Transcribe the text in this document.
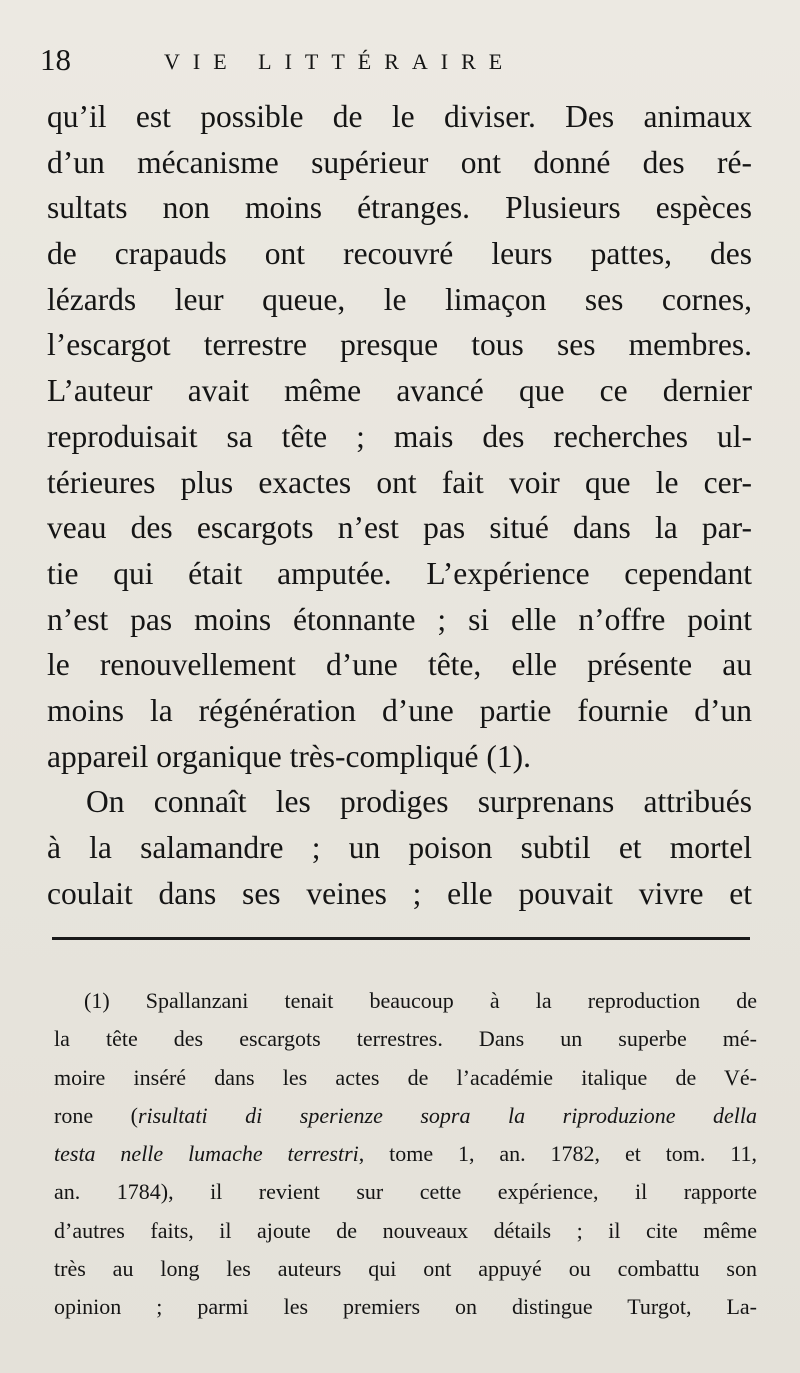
18	VIE LITTÉRAIRE
qu’il est possible de le diviser. Des animaux
d’un mécanisme supérieur ont donné des ré-
sultats non moins étranges. Plusieurs espèces
de crapauds ont recouvré leurs pattes, des
lézards leur queue, le limaçon ses cornes,
l’escargot terrestre presque tous ses membres.
L’auteur avait même avancé que ce dernier
reproduisait sa tête ; mais des recherches ul-
térieures plus exactes ont fait voir que le cer-
veau des escargots n’est pas situé dans la par-
tie qui était amputée. L’expérience cependant
n’est pas moins étonnante ; si elle n’offre point
le renouvellement d’une tête, elle présente au
moins la régénération d’une partie fournie d’un
appareil organique très-compliqué (1).
On connaît les prodiges surprenans attribués
à la salamandre ; un poison subtil et mortel
coulait dans ses veines ; elle pouvait vivre et
(1) Spallanzani tenait beaucoup à la reproduction de
la tête des escargots terrestres. Dans un superbe mé-
moire inséré dans les actes de l’académie italique de Vé-
rone (risultati di sperienze sopra la riproduzione della
testa nelle lumache terrestri, tome 1, an. 1782, et tom. 11,
an. 1784), il revient sur cette expérience, il rapporte
d’autres faits, il ajoute de nouveaux détails ; il cite même
très au long les auteurs qui ont appuyé ou combattu son
opinion ; parmi les premiers on distingue Turgot, La-
